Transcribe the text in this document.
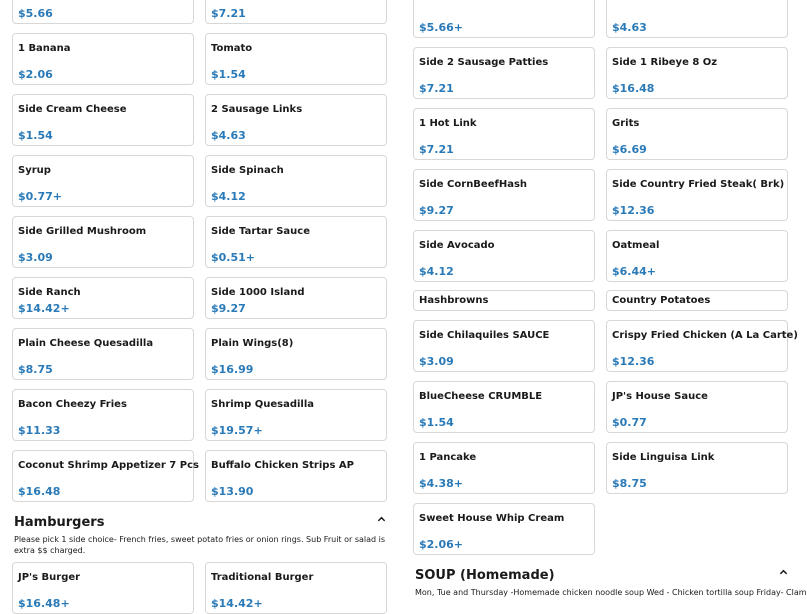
$5.66	$7.21
1 Banana
$2.06
Tomato
$1.54
Side Cream Cheese
$1.54
2 Sausage Links
$4.63
Syrup
$0.77+
Side Spinach
$4.12
Side Grilled Mushroom
$3.09
Side Tartar Sauce
$0.51+
Side Ranch
$14.42+
Side 1000 Island
$9.27
Plain Cheese Quesadilla
$8.75
Plain Wings(8)
$16.99
Bacon Cheezy Fries
$11.33
Shrimp Quesadilla
$19.57+
Coconut Shrimp Appetizer 7 Pcs
$16.48
Buffalo Chicken Strips AP
$13.90
Hamburgers
Please pick 1 side choice- French fries, sweet potato fries or onion rings. Sub Fruit or salad is extra $$ charged.
JP's Burger
$16.48+
Traditional Burger
$14.42+
$5.66+	$4.63
Side 2 Sausage Patties
$7.21
Side 1 Ribeye 8 Oz
$16.48
1 Hot Link
$7.21
Grits
$6.69
Side CornBeefHash
$9.27
Side Country Fried Steak( Brk)
$12.36
Side Avocado
$4.12
Oatmeal
$6.44+
Hashbrowns	Country Potatoes
Side Chilaquiles SAUCE
$3.09
Crispy Fried Chicken (A La Carte)
$12.36
BlueCheese CRUMBLE
$1.54
JP's House Sauce
$0.77
1 Pancake
$4.38+
Side Linguisa Link
$8.75
Sweet House Whip Cream
$2.06+
SOUP (Homemade)
Mon, Tue and Thursday -Homemade chicken noodle soup Wed - Chicken tortilla soup Friday- Clam
